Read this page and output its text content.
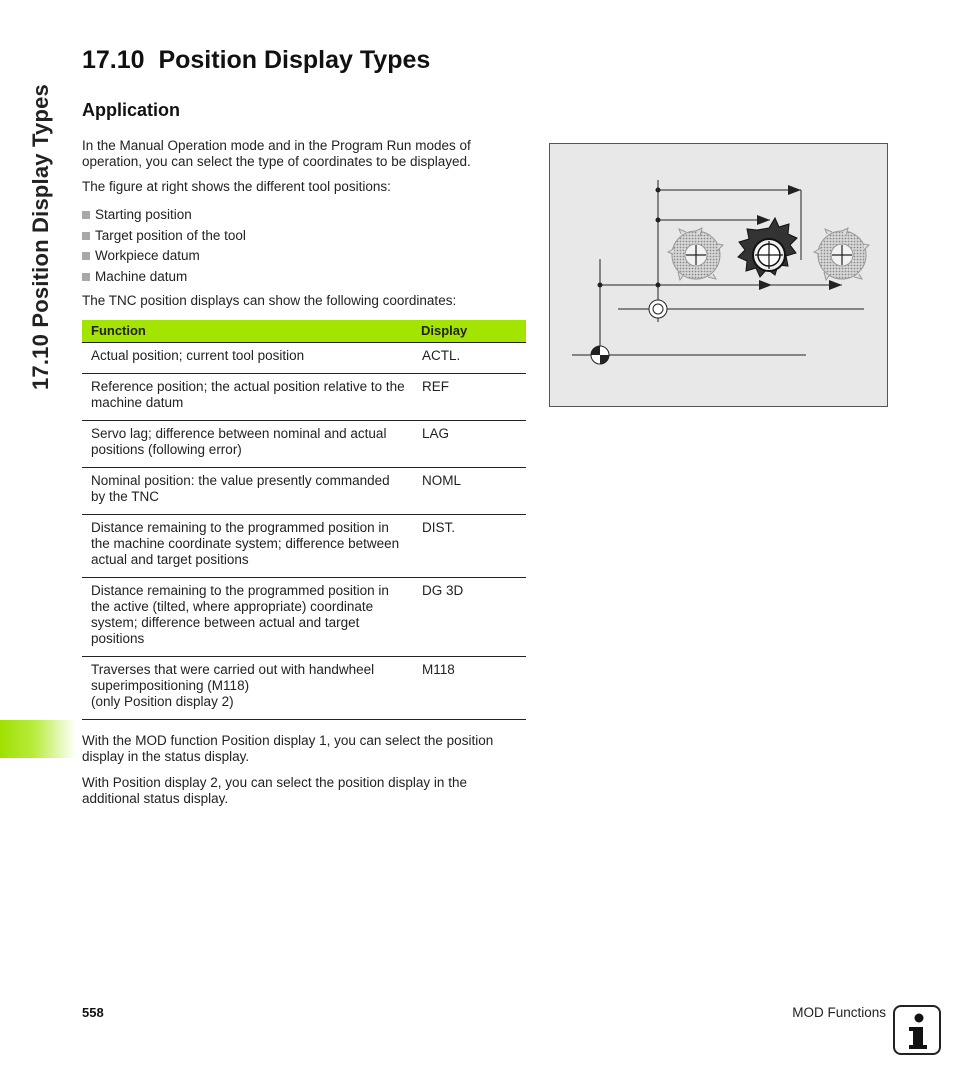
17.10 Position Display Types
17.10  Position Display Types
Application
In the Manual Operation mode and in the Program Run modes of operation, you can select the type of coordinates to be displayed.
The figure at right shows the different tool positions:
Starting position
Target position of the tool
Workpiece datum
Machine datum
The TNC position displays can show the following coordinates:
Function	Display
Actual position; current tool position	ACTL.
Reference position; the actual position relative to the machine datum	REF
Servo lag; difference between nominal and actual positions (following error)	LAG
Nominal position: the value presently commanded by the TNC	NOML
Distance remaining to the programmed position in the machine coordinate system; difference between actual and target positions	DIST.
Distance remaining to the programmed position in the active (tilted, where appropriate) coordinate system; difference between actual and target positions	DG 3D
Traverses that were carried out with handwheel superimpositioning (M118)
(only Position display 2)	M118
With the MOD function Position display 1, you can select the position display in the status display.
With Position display 2, you can select the position display in the additional status display.
558	MOD Functions
